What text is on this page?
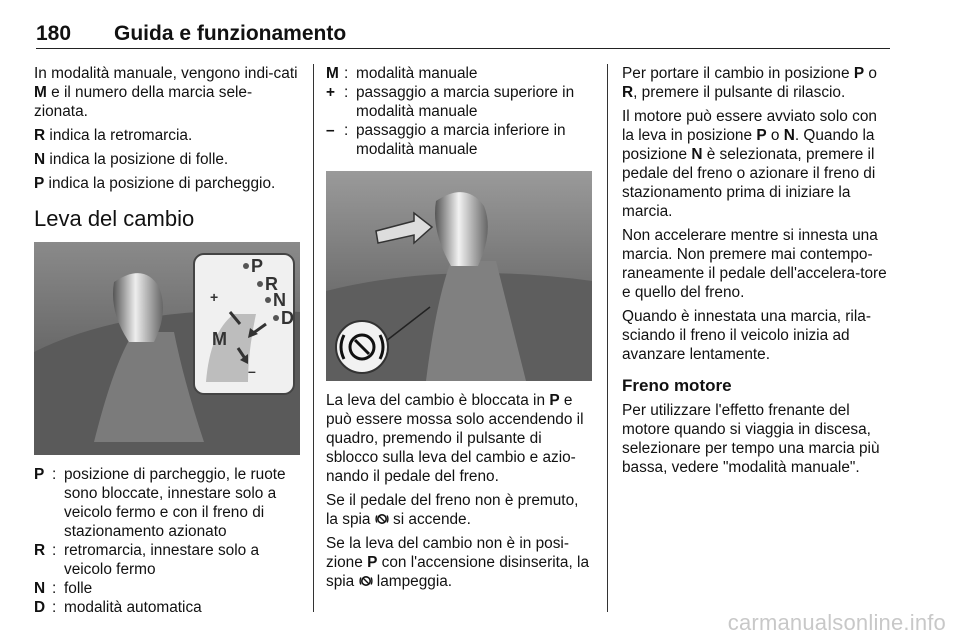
180 Guida e funzionamento

In modalità manuale, vengono indi-cati M e il numero della marcia sele-zionata.

R indica la retromarcia.

N indica la posizione di folle.

P indica la posizione di parcheggio.

Leva del cambio
P
R
N
D
M
+
–
P : posizione di parcheggio, le ruote sono bloccate, innestare solo a veicolo fermo e con il freno di stazionamento azionato
R : retromarcia, innestare solo a veicolo fermo
N : folle
D : modalità automatica
M : modalità manuale
+ : passaggio a marcia superiore in modalità manuale
– : passaggio a marcia inferiore in modalità manuale

La leva del cambio è bloccata in P e può essere mossa solo accendendo il quadro, premendo il pulsante di sblocco sulla leva del cambio e azio-nando il pedale del freno.

Se il pedale del freno non è premuto, la spia  si accende.

Se la leva del cambio non è in posi-zione P con l'accensione disinserita, la spia  lampeggia.

Per portare il cambio in posizione P o R, premere il pulsante di rilascio.

Il motore può essere avviato solo con la leva in posizione P o N. Quando la posizione N è selezionata, premere il pedale del freno o azionare il freno di stazionamento prima di iniziare la marcia.

Non accelerare mentre si innesta una marcia. Non premere mai contempo-raneamente il pedale dell'accelera-tore e quello del freno.

Quando è innestata una marcia, rila-sciando il freno il veicolo inizia ad avanzare lentamente.

Freno motore

Per utilizzare l'effetto frenante del motore quando si viaggia in discesa, selezionare per tempo una marcia più bassa, vedere "modalità manuale".

carmanualsonline.info
